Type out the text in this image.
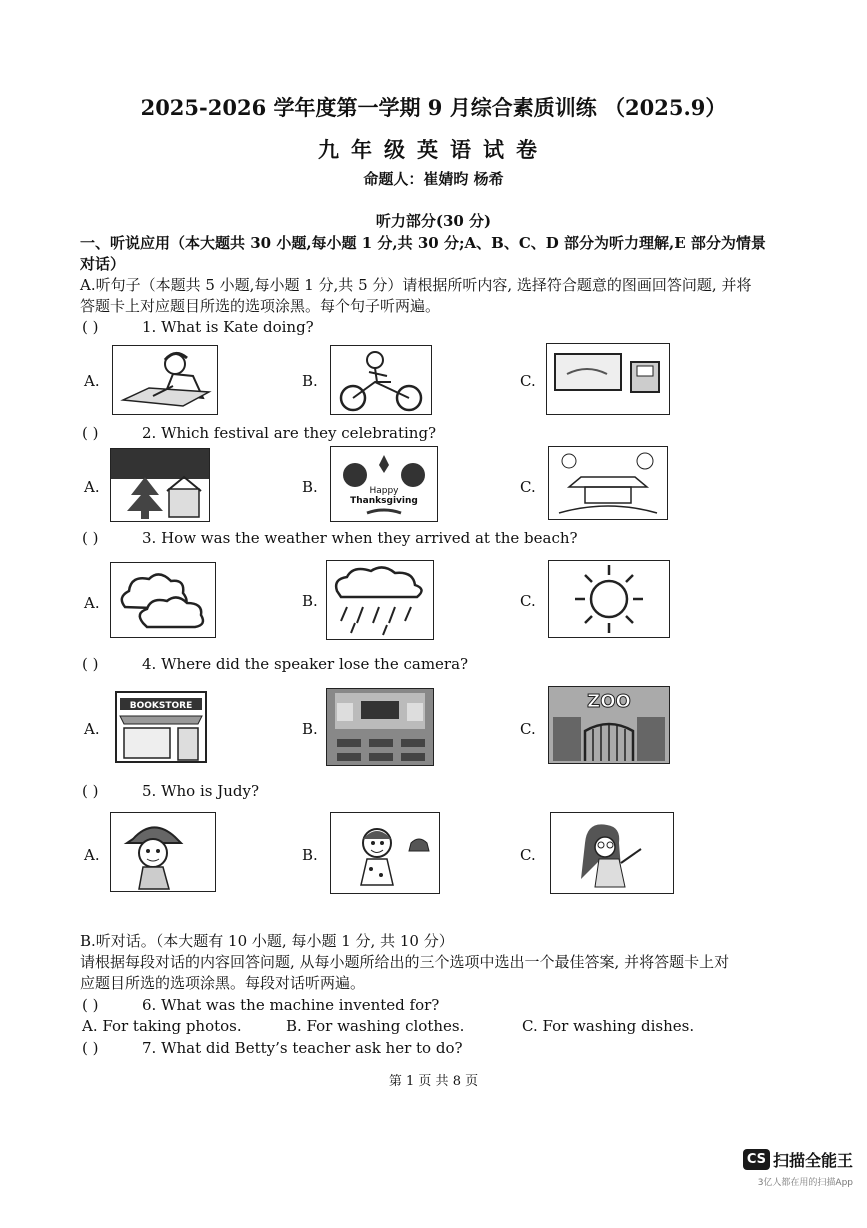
2025-2026 学年度第一学期 9 月综合素质训练 （2025.9）
九年级英语试卷
命题人：崔婧昀 杨希
听力部分(30 分)
一、听说应用（本大题共 30 小题,每小题 1 分,共 30 分;A、B、C、D 部分为听力理解,E 部分为情景
对话）
A.听句子（本题共 5 小题,每小题 1 分,共 5 分）请根据所听内容, 选择符合题意的图画回答问题, 并将
答题卡上对应题目所选的选项涂黑。每个句子听两遍。
( )	1. What is Kate doing?
A.	B.	C.
( )	2. Which festival are they celebrating?
A.	B.	Happy
Thanksgiving
C.
( )	3. How was the weather when they arrived at the beach?
A.	B.	C.
( )	4. Where did the speaker lose the camera?
A.
BOOKSTORE
B.	C.
ZOO
( )	5. Who is Judy?
A.	B.	C.
B.听对话。（本大题有 10 小题, 每小题 1 分, 共 10 分）
请根据每段对话的内容回答问题, 从每小题所给出的三个选项中选出一个最佳答案, 并将答题卡上对
应题目所选的选项涂黑。每段对话听两遍。
( )	6. What was the machine invented for?
A. For taking photos.	B. For washing clothes.	C. For washing dishes.
( )	7. What did Betty’s teacher ask her to do?
第 1 页 共 8 页
CS 扫描全能王
3亿人都在用的扫描App
